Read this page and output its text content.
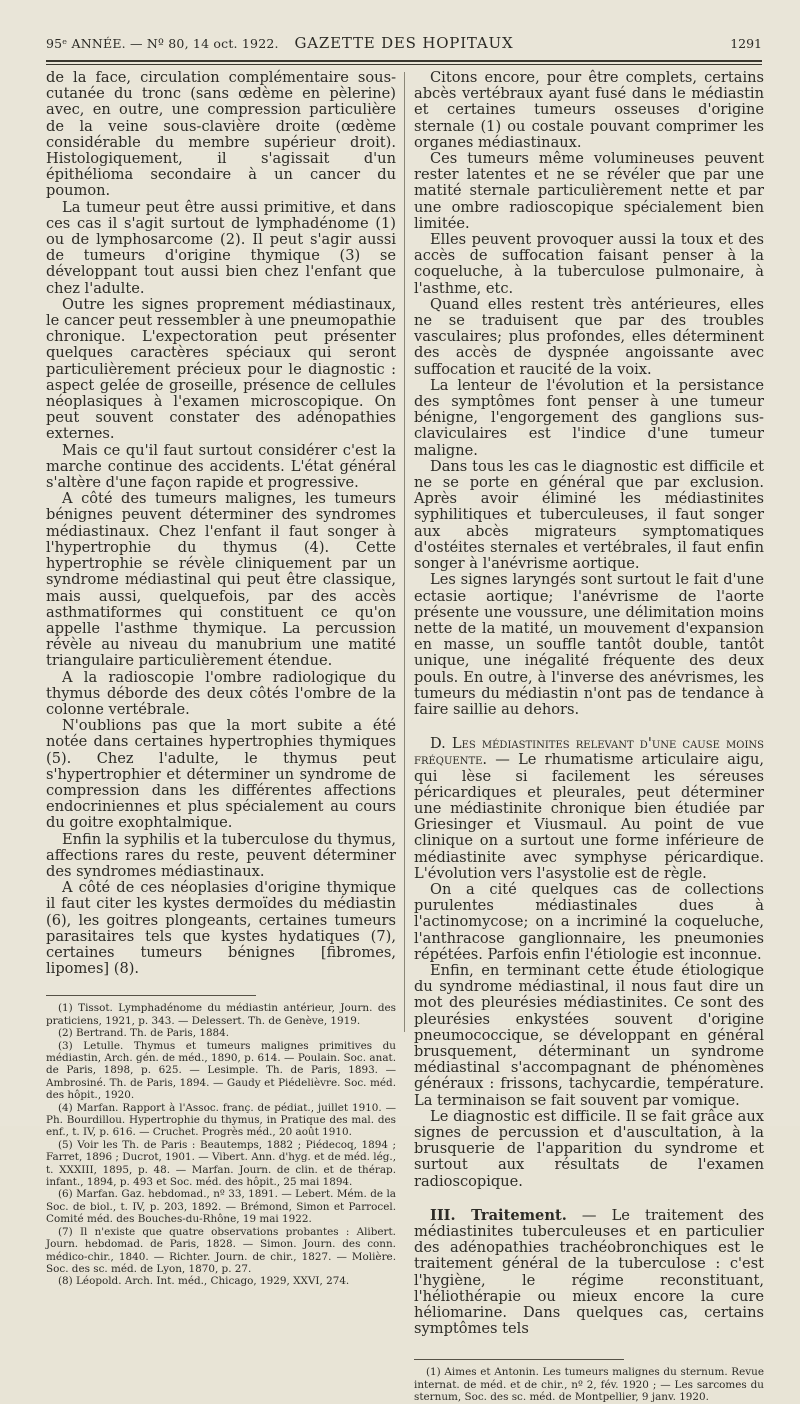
95ᵉ ANNÉE. — Nº 80, 14 oct. 1922.	GAZETTE DES HOPITAUX	1291

de la face, circulation complémentaire sous-cutanée du tronc (sans œdème en pèlerine) avec, en outre, une compression particulière de la veine sous-clavière droite (œdème considérable du membre supérieur droit). Histologiquement, il s'agissait d'un épithélioma secondaire à un cancer du poumon.

La tumeur peut être aussi primitive, et dans ces cas il s'agit surtout de lymphadénome (1) ou de lymphosarcome (2). Il peut s'agir aussi de tumeurs d'origine thymique (3) se développant tout aussi bien chez l'enfant que chez l'adulte.

Outre les signes proprement médiastinaux, le cancer peut ressembler à une pneumopathie chronique. L'expectoration peut présenter quelques caractères spéciaux qui seront particulièrement précieux pour le diagnostic : aspect gelée de groseille, présence de cellules néoplasiques à l'examen microscopique. On peut souvent constater des adénopathies externes.

Mais ce qu'il faut surtout considérer c'est la marche continue des accidents. L'état général s'altère d'une façon rapide et progressive.

A côté des tumeurs malignes, les tumeurs bénignes peuvent déterminer des syndromes médiastinaux. Chez l'enfant il faut songer à l'hypertrophie du thymus (4). Cette hypertrophie se révèle cliniquement par un syndrome médiastinal qui peut être classique, mais aussi, quelquefois, par des accès asthmatiformes qui constituent ce qu'on appelle l'asthme thymique. La percussion révèle au niveau du manubrium une matité triangulaire particulièrement étendue.

A la radioscopie l'ombre radiologique du thymus déborde des deux côtés l'ombre de la colonne vertébrale.

N'oublions pas que la mort subite a été notée dans certaines hypertrophies thymiques (5). Chez l'adulte, le thymus peut s'hypertrophier et déterminer un syndrome de compression dans les différentes affections endocriniennes et plus spécialement au cours du goitre exophtalmique.

Enfin la syphilis et la tuberculose du thymus, affections rares du reste, peuvent déterminer des syndromes médiastinaux.

A côté de ces néoplasies d'origine thymique il faut citer les kystes dermoïdes du médiastin (6), les goitres plongeants, certaines tumeurs parasitaires tels que kystes hydatiques (7), certaines tumeurs bénignes [fibromes, lipomes] (8).

(1) Tissot. Lymphadénome du médiastin antérieur, Journ. des praticiens, 1921, p. 343. — Delessert. Th. de Genève, 1919.

(2) Bertrand. Th. de Paris, 1884.

(3) Letulle. Thymus et tumeurs malignes primitives du médiastin, Arch. gén. de méd., 1890, p. 614. — Poulain. Soc. anat. de Paris, 1898, p. 625. — Lesimple. Th. de Paris, 1893. — Ambrosiné. Th. de Paris, 1894. — Gaudy et Piédelièvre. Soc. méd. des hôpit., 1920.

(4) Marfan. Rapport à l'Assoc. franç. de pédiat., juillet 1910. — Ph. Bourdillou. Hypertrophie du thymus, in Pratique des mal. des enf., t. IV, p. 616. — Cruchet. Progrès méd., 20 août 1910.

(5) Voir les Th. de Paris : Beautemps, 1882 ; Piédecoq, 1894 ; Farret, 1896 ; Ducrot, 1901. — Vibert. Ann. d'hyg. et de méd. lég., t. XXXIII, 1895, p. 48. — Marfan. Journ. de clin. et de thérap. infant., 1894, p. 493 et Soc. méd. des hôpit., 25 mai 1894.

(6) Marfan. Gaz. hebdomad., nº 33, 1891. — Lebert. Mém. de la Soc. de biol., t. IV, p. 203, 1892. — Brémond, Simon et Parrocel. Comité méd. des Bouches-du-Rhône, 19 mai 1922.

(7) Il n'existe que quatre observations probantes : Alibert. Journ. hebdomad. de Paris, 1828. — Simon. Journ. des conn. médico-chir., 1840. — Richter. Journ. de chir., 1827. — Molière. Soc. des sc. méd. de Lyon, 1870, p. 27.

(8) Léopold. Arch. Int. méd., Chicago, 1929, XXVI, 274.

Citons encore, pour être complets, certains abcès vertébraux ayant fusé dans le médiastin et certaines tumeurs osseuses d'origine sternale (1) ou costale pouvant comprimer les organes médiastinaux.

Ces tumeurs même volumineuses peuvent rester latentes et ne se révéler que par une matité sternale particulièrement nette et par une ombre radioscopique spécialement bien limitée.

Elles peuvent provoquer aussi la toux et des accès de suffocation faisant penser à la coqueluche, à la tuberculose pulmonaire, à l'asthme, etc.

Quand elles restent très antérieures, elles ne se traduisent que par des troubles vasculaires; plus profondes, elles déterminent des accès de dyspnée angoissante avec suffocation et raucité de la voix.

La lenteur de l'évolution et la persistance des symptômes font penser à une tumeur bénigne, l'engorgement des ganglions sus-claviculaires est l'indice d'une tumeur maligne.

Dans tous les cas le diagnostic est difficile et ne se porte en général que par exclusion. Après avoir éliminé les médiastinites syphilitiques et tuberculeuses, il faut songer aux abcès migrateurs symptomatiques d'ostéites sternales et vertébrales, il faut enfin songer à l'anévrisme aortique.

Les signes laryngés sont surtout le fait d'une ectasie aortique; l'anévrisme de l'aorte présente une voussure, une délimitation moins nette de la matité, un mouvement d'expansion en masse, un souffle tantôt double, tantôt unique, une inégalité fréquente des deux pouls. En outre, à l'inverse des anévrismes, les tumeurs du médiastin n'ont pas de tendance à faire saillie au dehors.

D. Les médiastinites relevant d'une cause moins fréquente. — Le rhumatisme articulaire aigu, qui lèse si facilement les séreuses péricardiques et pleurales, peut déterminer une médiastinite chronique bien étudiée par Griesinger et Viusmaul. Au point de vue clinique on a surtout une forme inférieure de médiastinite avec symphyse péricardique. L'évolution vers l'asystolie est de règle.

On a cité quelques cas de collections purulentes médiastinales dues à l'actinomycose; on a incriminé la coqueluche, l'anthracose ganglionnaire, les pneumonies répétées. Parfois enfin l'étiologie est inconnue.

Enfin, en terminant cette étude étiologique du syndrome médiastinal, il nous faut dire un mot des pleurésies médiastinites. Ce sont des pleurésies enkystées souvent d'origine pneumococcique, se développant en général brusquement, déterminant un syndrome médiastinal s'accompagnant de phénomènes généraux : frissons, tachycardie, température. La terminaison se fait souvent par vomique.

Le diagnostic est difficile. Il se fait grâce aux signes de percussion et d'auscultation, à la brusquerie de l'apparition du syndrome et surtout aux résultats de l'examen radioscopique.

III. Traitement. — Le traitement des médiastinites tuberculeuses et en particulier des adénopathies trachéobronchiques est le traitement général de la tuberculose : c'est l'hygiène, le régime reconstituant, l'héliothérapie ou mieux encore la cure héliomarine. Dans quelques cas, certains symptômes tels

(1) Aimes et Antonin. Les tumeurs malignes du sternum. Revue internat. de méd. et de chir., nº 2, fév. 1920 ; — Les sarcomes du sternum, Soc. des sc. méd. de Montpellier, 9 janv. 1920.
